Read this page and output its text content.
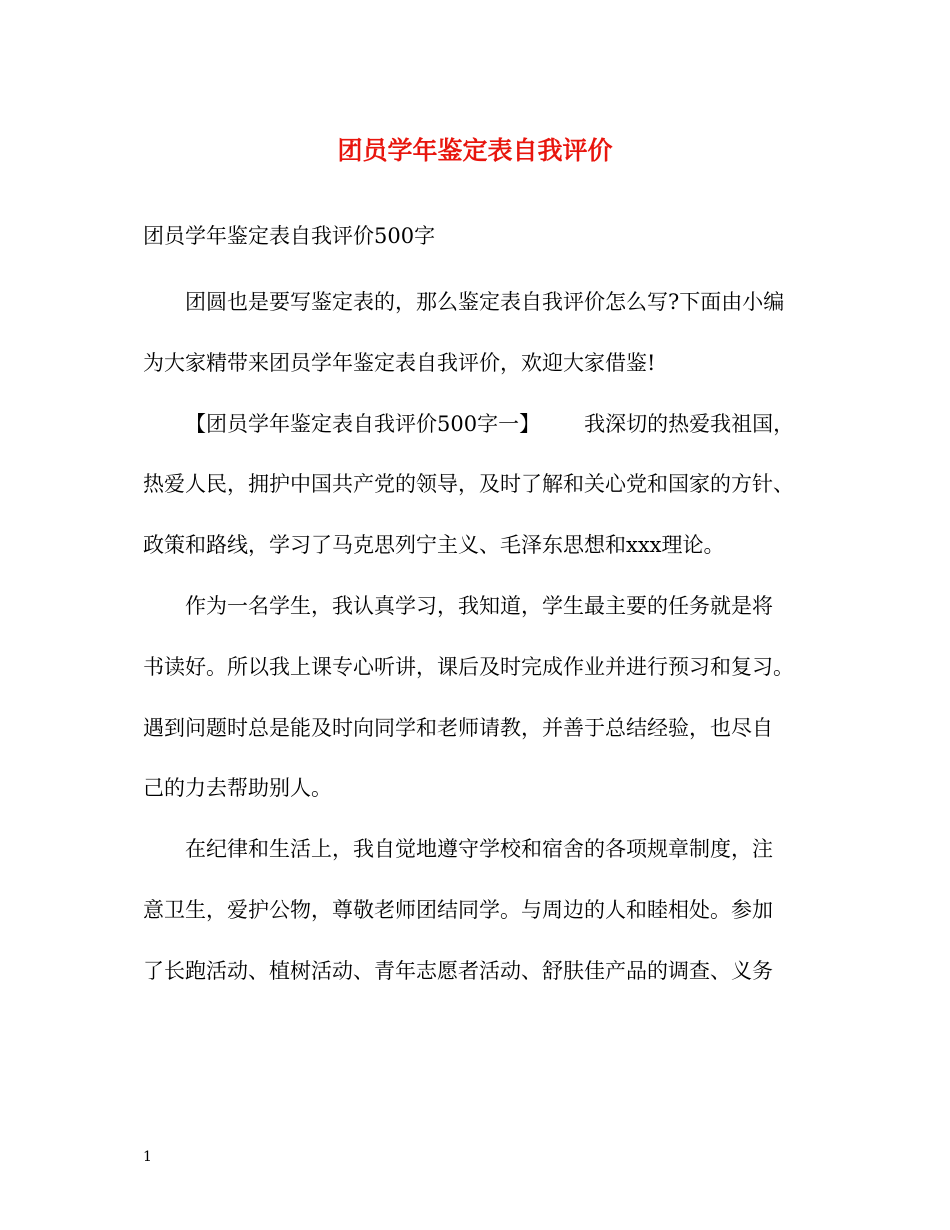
团员学年鉴定表自我评价
团员学年鉴定表自我评价500字
团圆也是要写鉴定表的，那么鉴定表自我评价怎么写?下面由小编
为大家精带来团员学年鉴定表自我评价，欢迎大家借鉴!
【团员学年鉴定表自我评价500字一】 我深切的热爱我祖国，
热爱人民，拥护中国共产党的领导，及时了解和关心党和国家的方针、
政策和路线，学习了马克思列宁主义、毛泽东思想和xxx理论。
作为一名学生，我认真学习，我知道，学生最主要的任务就是将
书读好。所以我上课专心听讲，课后及时完成作业并进行预习和复习。
遇到问题时总是能及时向同学和老师请教，并善于总结经验，也尽自
己的力去帮助别人。
在纪律和生活上，我自觉地遵守学校和宿舍的各项规章制度，注
意卫生，爱护公物，尊敬老师团结同学。与周边的人和睦相处。参加
了长跑活动、植树活动、青年志愿者活动、舒肤佳产品的调查、义务
1
